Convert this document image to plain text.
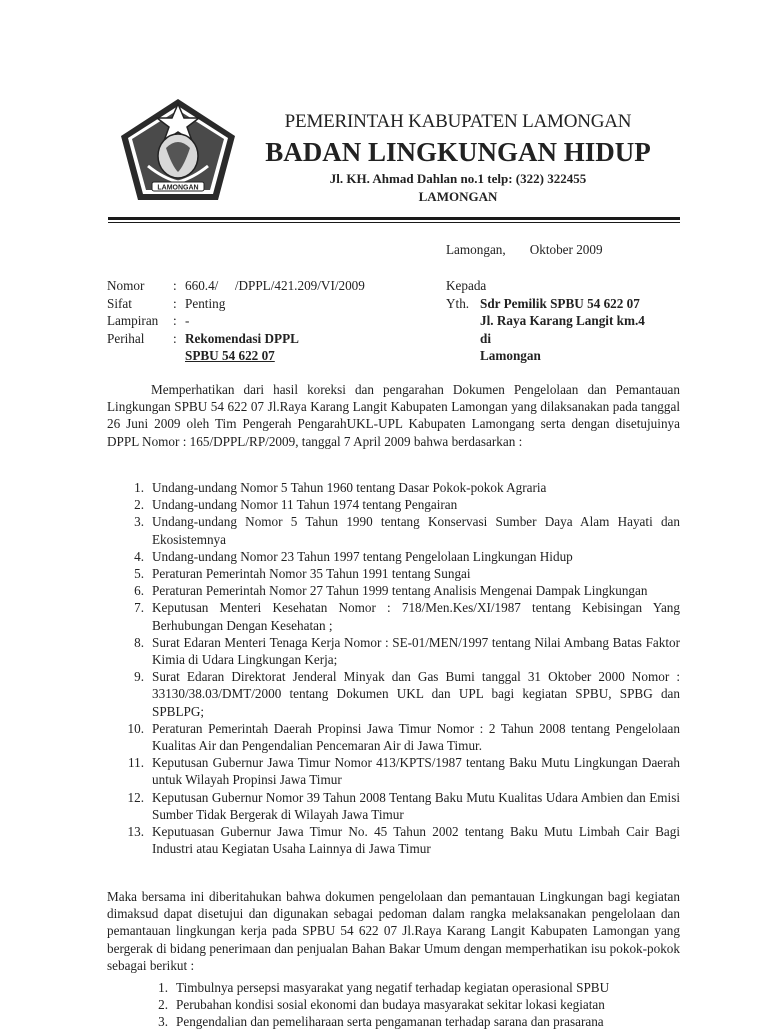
LAMONGAN
PEMERINTAH KABUPATEN LAMONGAN
BADAN LINGKUNGAN HIDUP
Jl. KH. Ahmad Dahlan no.1 telp: (322) 322455
LAMONGAN
Lamongan, Oktober 2009
Nomor	: 660.4/     /DPPL/421.209/VI/2009
Sifat	: Penting
Lampiran	: -
Perihal	: Rekomendasi DPPL
SPBU 54 622 07
Kepada
Yth. Sdr Pemilik SPBU 54 622 07
Jl. Raya Karang Langit km.4
di
Lamongan
Memperhatikan dari hasil koreksi dan pengarahan Dokumen Pengelolaan dan Pemantauan Lingkungan SPBU 54 622 07 Jl.Raya Karang Langit Kabupaten Lamongan yang dilaksanakan pada tanggal 26 Juni 2009 oleh Tim Pengerah PengarahUKL-UPL Kabupaten Lamongang serta dengan disetujuinya DPPL Nomor : 165/DPPL/RP/2009, tanggal 7 April 2009 bahwa berdasarkan :
1. Undang-undang Nomor 5 Tahun 1960 tentang Dasar Pokok-pokok Agraria
2. Undang-undang Nomor 11 Tahun 1974 tentang Pengairan
3. Undang-undang Nomor 5 Tahun 1990 tentang Konservasi Sumber Daya Alam Hayati dan Ekosistemnya
4. Undang-undang Nomor 23 Tahun 1997 tentang Pengelolaan Lingkungan Hidup
5. Peraturan Pemerintah Nomor 35 Tahun 1991 tentang Sungai
6. Peraturan Pemerintah Nomor 27 Tahun 1999 tentang Analisis Mengenai Dampak Lingkungan
7. Keputusan Menteri Kesehatan Nomor : 718/Men.Kes/XI/1987 tentang Kebisingan Yang Berhubungan Dengan Kesehatan ;
8. Surat Edaran Menteri Tenaga Kerja Nomor : SE-01/MEN/1997 tentang Nilai Ambang Batas Faktor Kimia di Udara Lingkungan Kerja;
9. Surat Edaran Direktorat Jenderal Minyak dan Gas Bumi tanggal 31 Oktober 2000 Nomor : 33130/38.03/DMT/2000 tentang Dokumen UKL dan UPL bagi kegiatan SPBU, SPBG dan SPBLPG;
10. Peraturan Pemerintah Daerah Propinsi Jawa Timur Nomor : 2 Tahun 2008 tentang Pengelolaan Kualitas Air dan Pengendalian Pencemaran Air di Jawa Timur.
11. Keputusan Gubernur Jawa Timur Nomor 413/KPTS/1987 tentang Baku Mutu Lingkungan Daerah untuk Wilayah Propinsi Jawa Timur
12. Keputusan Gubernur Nomor 39 Tahun 2008 Tentang Baku Mutu Kualitas Udara Ambien dan Emisi Sumber Tidak Bergerak di Wilayah Jawa Timur
13. Keputuasan Gubernur Jawa Timur No. 45 Tahun 2002 tentang Baku Mutu Limbah Cair Bagi Industri atau Kegiatan Usaha Lainnya di Jawa Timur
Maka bersama ini diberitahukan bahwa dokumen pengelolaan dan pemantauan Lingkungan bagi kegiatan dimaksud dapat disetujui dan digunakan sebagai pedoman dalam rangka melaksanakan pengelolaan dan pemantauan lingkungan kerja pada SPBU 54 622 07 Jl.Raya Karang Langit Kabupaten Lamongan yang bergerak di bidang penerimaan dan penjualan Bahan Bakar Umum dengan memperhatikan isu pokok-pokok sebagai berikut :
1. Timbulnya persepsi masyarakat yang negatif terhadap kegiatan operasional SPBU
2. Perubahan kondisi sosial ekonomi dan budaya masyarakat sekitar lokasi kegiatan
3. Pengendalian dan pemeliharaan serta pengamanan terhadap sarana dan prasarana
